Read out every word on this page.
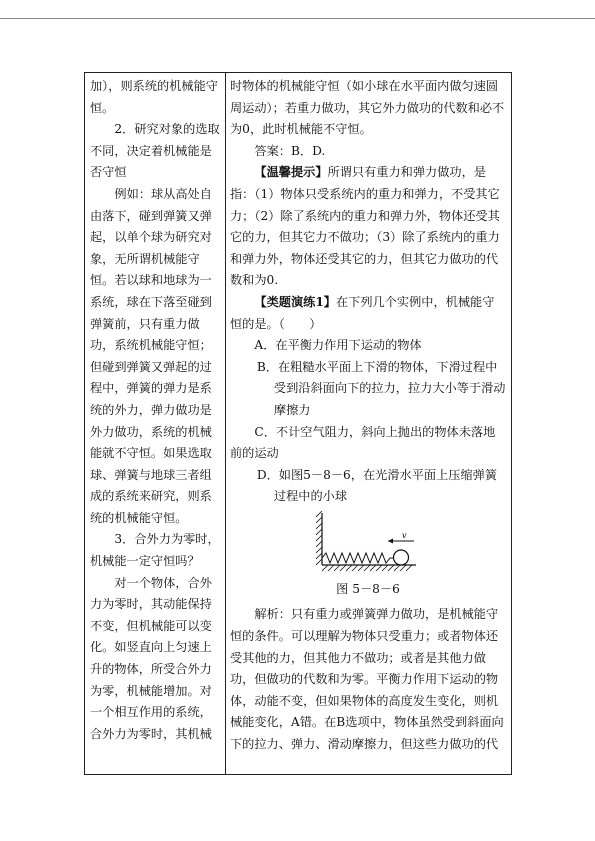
加），则系统的机械能守恒。

2．研究对象的选取不同，决定着机械能是否守恒

例如：球从高处自由落下，碰到弹簧又弹起，以单个球为研究对象，无所谓机械能守恒。若以球和地球为一系统，球在下落至碰到弹簧前，只有重力做功，系统机械能守恒；但碰到弹簧又弹起的过程中，弹簧的弹力是系统的外力，弹力做功是外力做功，系统的机械能就不守恒。如果选取球、弹簧与地球三者组成的系统来研究，则系统的机械能守恒。

3．合外力为零时，机械能一定守恒吗？

对一个物体，合外力为零时，其动能保持不变，但机械能可以变化。如竖直向上匀速上升的物体，所受合外力为零，机械能增加。对一个相互作用的系统，合外力为零时，其机械

时物体的机械能守恒（如小球在水平面内做匀速圆周运动）；若重力做功，其它外力做功的代数和必不为0，此时机械能不守恒。

答案：B．D.

【温馨提示】所谓只有重力和弹力做功，是指：（1）物体只受系统内的重力和弹力，不受其它力；（2）除了系统内的重力和弹力外，物体还受其它的力，但其它力不做功；（3）除了系统内的重力和弹力外，物体还受其它的力，但其它力做功的代数和为0.

【类题演练1】在下列几个实例中，机械能守恒的是。（　　）

A．在平衡力作用下运动的物体

B．在粗糙水平面上下滑的物体，下滑过程中受到沿斜面向下的拉力，拉力大小等于滑动摩擦力

C．不计空气阻力，斜向上抛出的物体未落地前的运动

D．如图5－8－6，在光滑水平面上压缩弹簧过程中的小球

v

图 5－8－6

解析：只有重力或弹簧弹力做功，是机械能守恒的条件。可以理解为物体只受重力；或者物体还受其他的力，但其他力不做功；或者是其他力做功，但做功的代数和为零。平衡力作用下运动的物体，动能不变，但如果物体的高度发生变化，则机械能变化，A错。在B选项中，物体虽然受到斜面向下的拉力、弹力、滑动摩擦力，但这些力做功的代
